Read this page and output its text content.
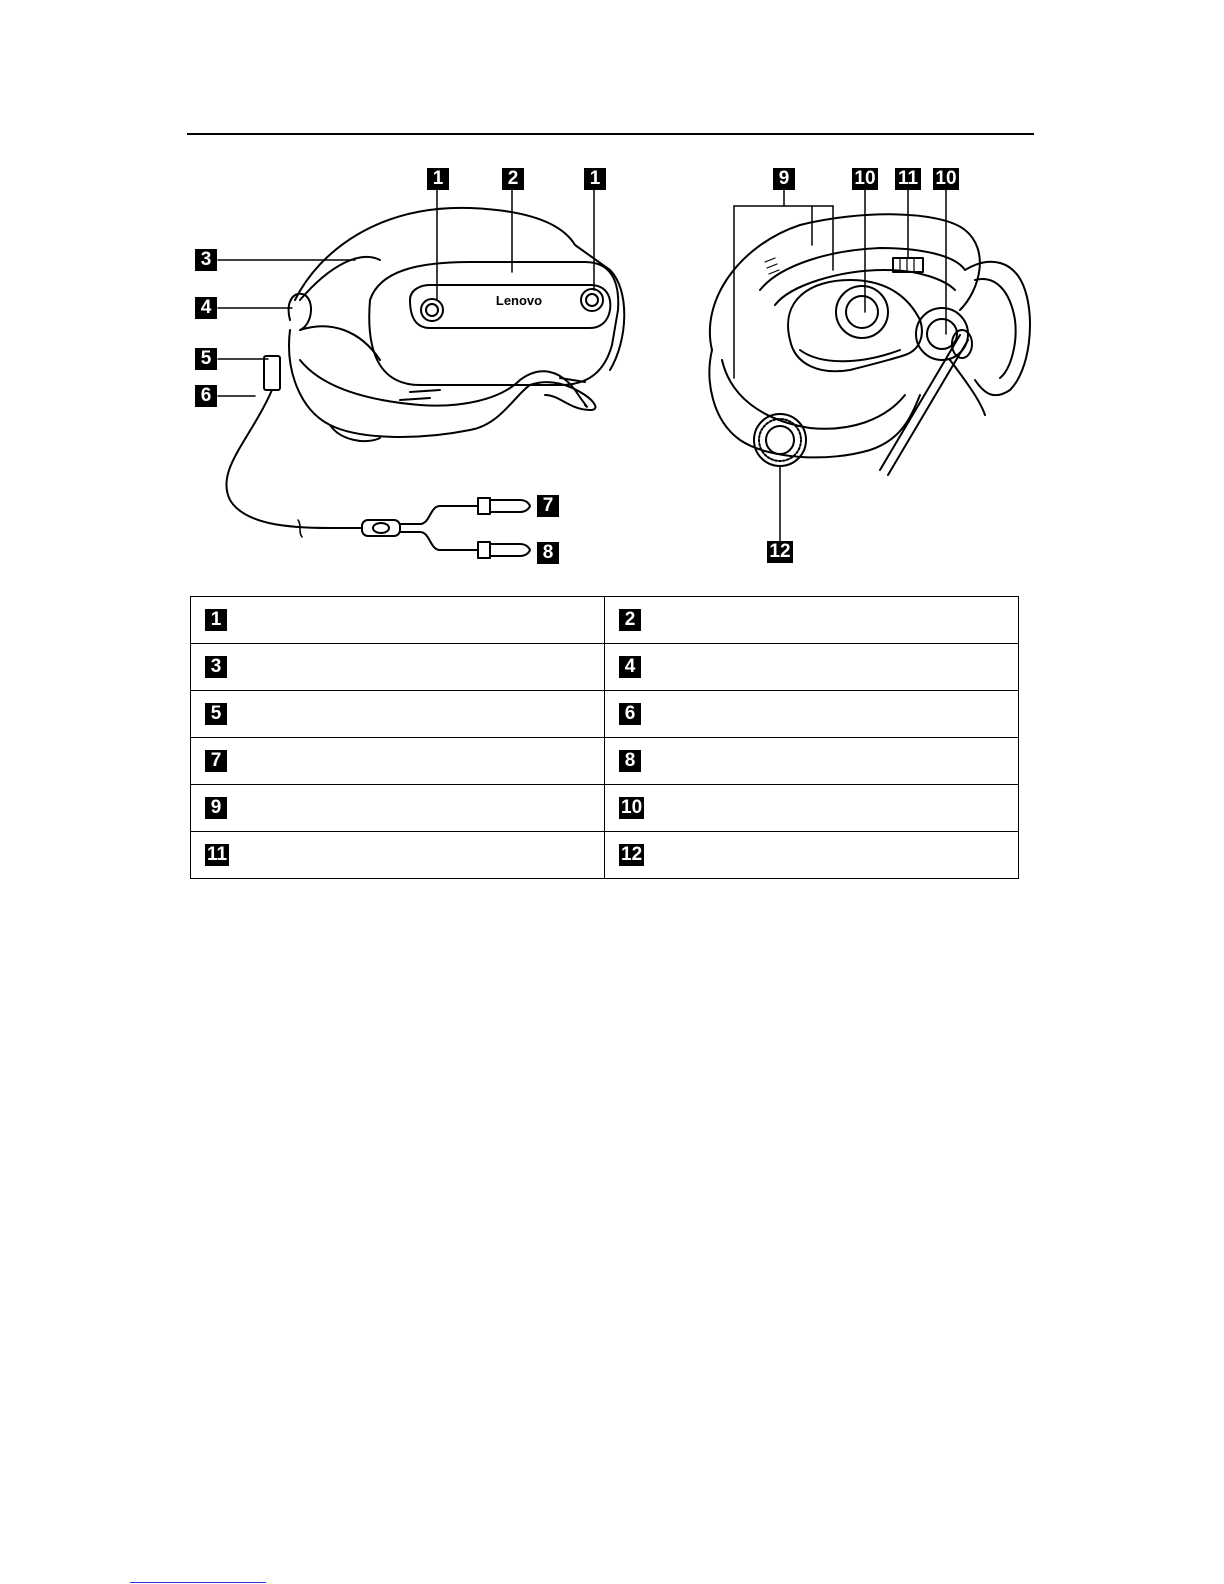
Lenovo
1	2	1
3
4
5
6
7
8
9	10 11 10
12
1	2
3	4
5	6
7	8
9	10
11	12
